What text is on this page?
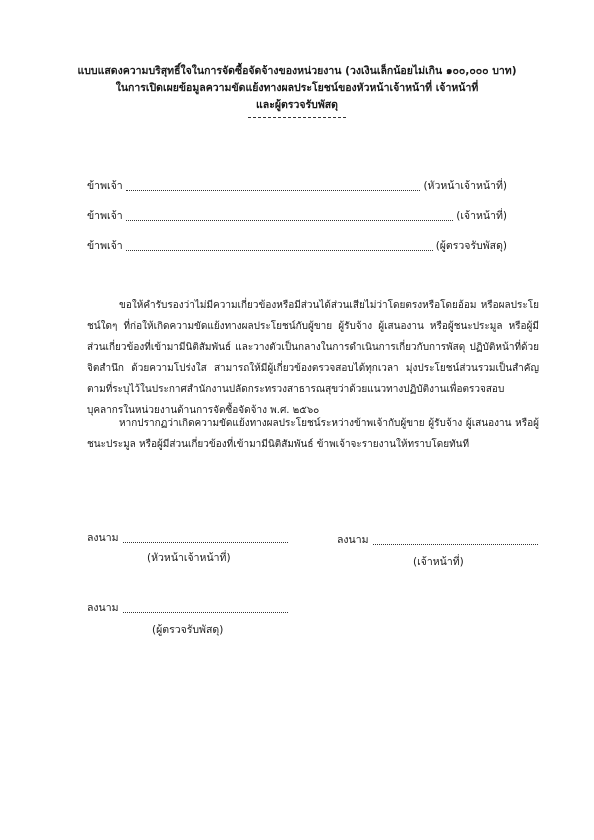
แบบแสดงความบริสุทธิ์ใจในการจัดซื้อจัดจ้างของหน่วยงาน (วงเงินเล็กน้อยไม่เกิน ๑๐๐,๐๐๐ บาท)
ในการเปิดเผยข้อมูลความขัดแย้งทางผลประโยชน์ของหัวหน้าเจ้าหน้าที่ เจ้าหน้าที่
และผู้ตรวจรับพัสดุ
ข้าพเจ้า	(หัวหน้าเจ้าหน้าที่)
ข้าพเจ้า	(เจ้าหน้าที่)
ข้าพเจ้า	(ผู้ตรวจรับพัสดุ)
ขอให้คำรับรองว่าไม่มีความเกี่ยวข้องหรือมีส่วนได้ส่วนเสียไม่ว่าโดยตรงหรือโดยอ้อม หรือผลประโยชน์ใดๆ ที่ก่อให้เกิดความขัดแย้งทางผลประโยชน์กับผู้ขาย ผู้รับจ้าง ผู้เสนองาน หรือผู้ชนะประมูล หรือผู้มีส่วนเกี่ยวข้องที่เข้ามามีนิติสัมพันธ์ และวางตัวเป็นกลางในการดำเนินการเกี่ยวกับการพัสดุ ปฏิบัติหน้าที่ด้วยจิตสำนึก ด้วยความโปร่งใส สามารถให้มีผู้เกี่ยวข้องตรวจสอบได้ทุกเวลา มุ่งประโยชน์ส่วนรวมเป็นสำคัญ ตามที่ระบุไว้ในประกาศสำนักงานปลัดกระทรวงสาธารณสุขว่าด้วยแนวทางปฏิบัติงานเพื่อตรวจสอบบุคลากรในหน่วยงานด้านการจัดซื้อจัดจ้าง พ.ศ. ๒๕๖๐
หากปรากฏว่าเกิดความขัดแย้งทางผลประโยชน์ระหว่างข้าพเจ้ากับผู้ขาย ผู้รับจ้าง ผู้เสนองาน หรือผู้ชนะประมูล หรือผู้มีส่วนเกี่ยวข้องที่เข้ามามีนิติสัมพันธ์ ข้าพเจ้าจะรายงานให้ทราบโดยทันที
ลงนาม
(หัวหน้าเจ้าหน้าที่)
ลงนาม
(เจ้าหน้าที่)
ลงนาม
(ผู้ตรวจรับพัสดุ)
